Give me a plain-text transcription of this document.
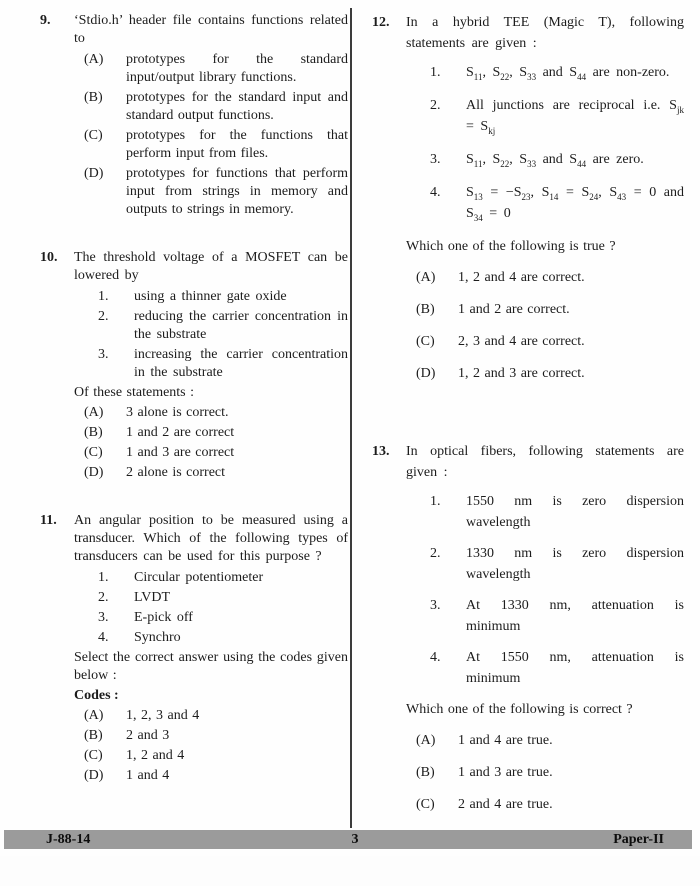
9.	‘Stdio.h’ header file contains functions related to
(A)	prototypes for the standard input/output library functions.
(B)	prototypes for the standard input and standard output functions.
(C)	prototypes for the functions that perform input from files.
(D)	prototypes for functions that perform input from strings in memory and outputs to strings in memory.
10.	The threshold voltage of a MOSFET can be lowered by
1.	using a thinner gate oxide
2.	reducing the carrier concentration in the substrate
3.	increasing the carrier concentration in the substrate
Of these statements :
(A)	3 alone is correct.
(B)	1 and 2 are correct
(C)	1 and 3 are correct
(D)	2 alone is correct
11.	An angular position to be measured using a transducer. Which of the following types of transducers can be used for this purpose ?
1.	Circular potentiometer
2.	LVDT
3.	E-pick off
4.	Synchro
Select the correct answer using the codes given below :
Codes :
(A)	1, 2, 3 and 4
(B)	2 and 3
(C)	1, 2 and 4
(D)	1 and 4
12.	In a hybrid TEE (Magic T), following statements are given :
1.	$S_{11}$, $S_{22}$, $S_{33}$ and $S_{44}$ are non-zero.
2.	All junctions are reciprocal i.e. $S_{jk} = S_{kj}$
3.	$S_{11}$, $S_{22}$, $S_{33}$ and $S_{44}$ are zero.
4.	$S_{13} = -S_{23}$, $S_{14} = S_{24}$, $S_{43} = 0$ and $S_{34} = 0$
Which one of the following is true ?
(A)	1, 2 and 4 are correct.
(B)	1 and 2 are correct.
(C)	2, 3 and 4 are correct.
(D)	1, 2 and 3 are correct.
13.	In optical fibers, following statements are given :
1.	1550 nm is zero dispersion wavelength
2.	1330 nm is zero dispersion wavelength
3.	At 1330 nm, attenuation is minimum
4.	At 1550 nm, attenuation is minimum
Which one of the following is correct ?
(A)	1 and 4 are true.
(B)	1 and 3 are true.
(C)	2 and 4 are true.
J-88-14	3	Paper-II
